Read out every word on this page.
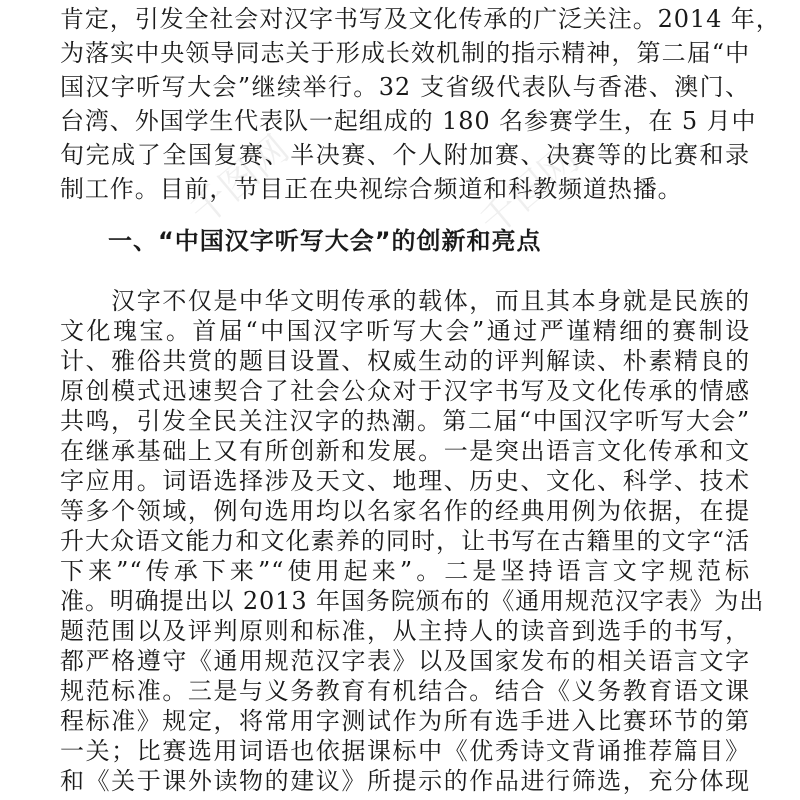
千图网	千图网
肯定，引发全社会对汉字书写及文化传承的广泛关注。2014 年，
为落实中央领导同志关于形成长效机制的指示精神，第二届“中
国汉字听写大会”继续举行。32 支省级代表队与香港、澳门、
台湾、外国学生代表队一起组成的 180 名参赛学生，在 5 月中
旬完成了全国复赛、半决赛、个人附加赛、决赛等的比赛和录
制工作。目前，节目正在央视综合频道和科教频道热播。
一、“中国汉字听写大会”的创新和亮点
　　汉字不仅是中华文明传承的载体，而且其本身就是民族的
文化瑰宝。首届“中国汉字听写大会”通过严谨精细的赛制设
计、雅俗共赏的题目设置、权威生动的评判解读、朴素精良的
原创模式迅速契合了社会公众对于汉字书写及文化传承的情感
共鸣，引发全民关注汉字的热潮。第二届“中国汉字听写大会”
在继承基础上又有所创新和发展。一是突出语言文化传承和文
字应用。词语选择涉及天文、地理、历史、文化、科学、技术
等多个领域，例句选用均以名家名作的经典用例为依据，在提
升大众语文能力和文化素养的同时，让书写在古籍里的文字“活
下来”“传承下来”“使用起来”。二是坚持语言文字规范标
准。明确提出以 2013 年国务院颁布的《通用规范汉字表》为出
题范围以及评判原则和标准，从主持人的读音到选手的书写，
都严格遵守《通用规范汉字表》以及国家发布的相关语言文字
规范标准。三是与义务教育有机结合。结合《义务教育语文课
程标准》规定，将常用字测试作为所有选手进入比赛环节的第
一关；比赛选用词语也依据课标中《优秀诗文背诵推荐篇目》
和《关于课外读物的建议》所提示的作品进行筛选，充分体现
